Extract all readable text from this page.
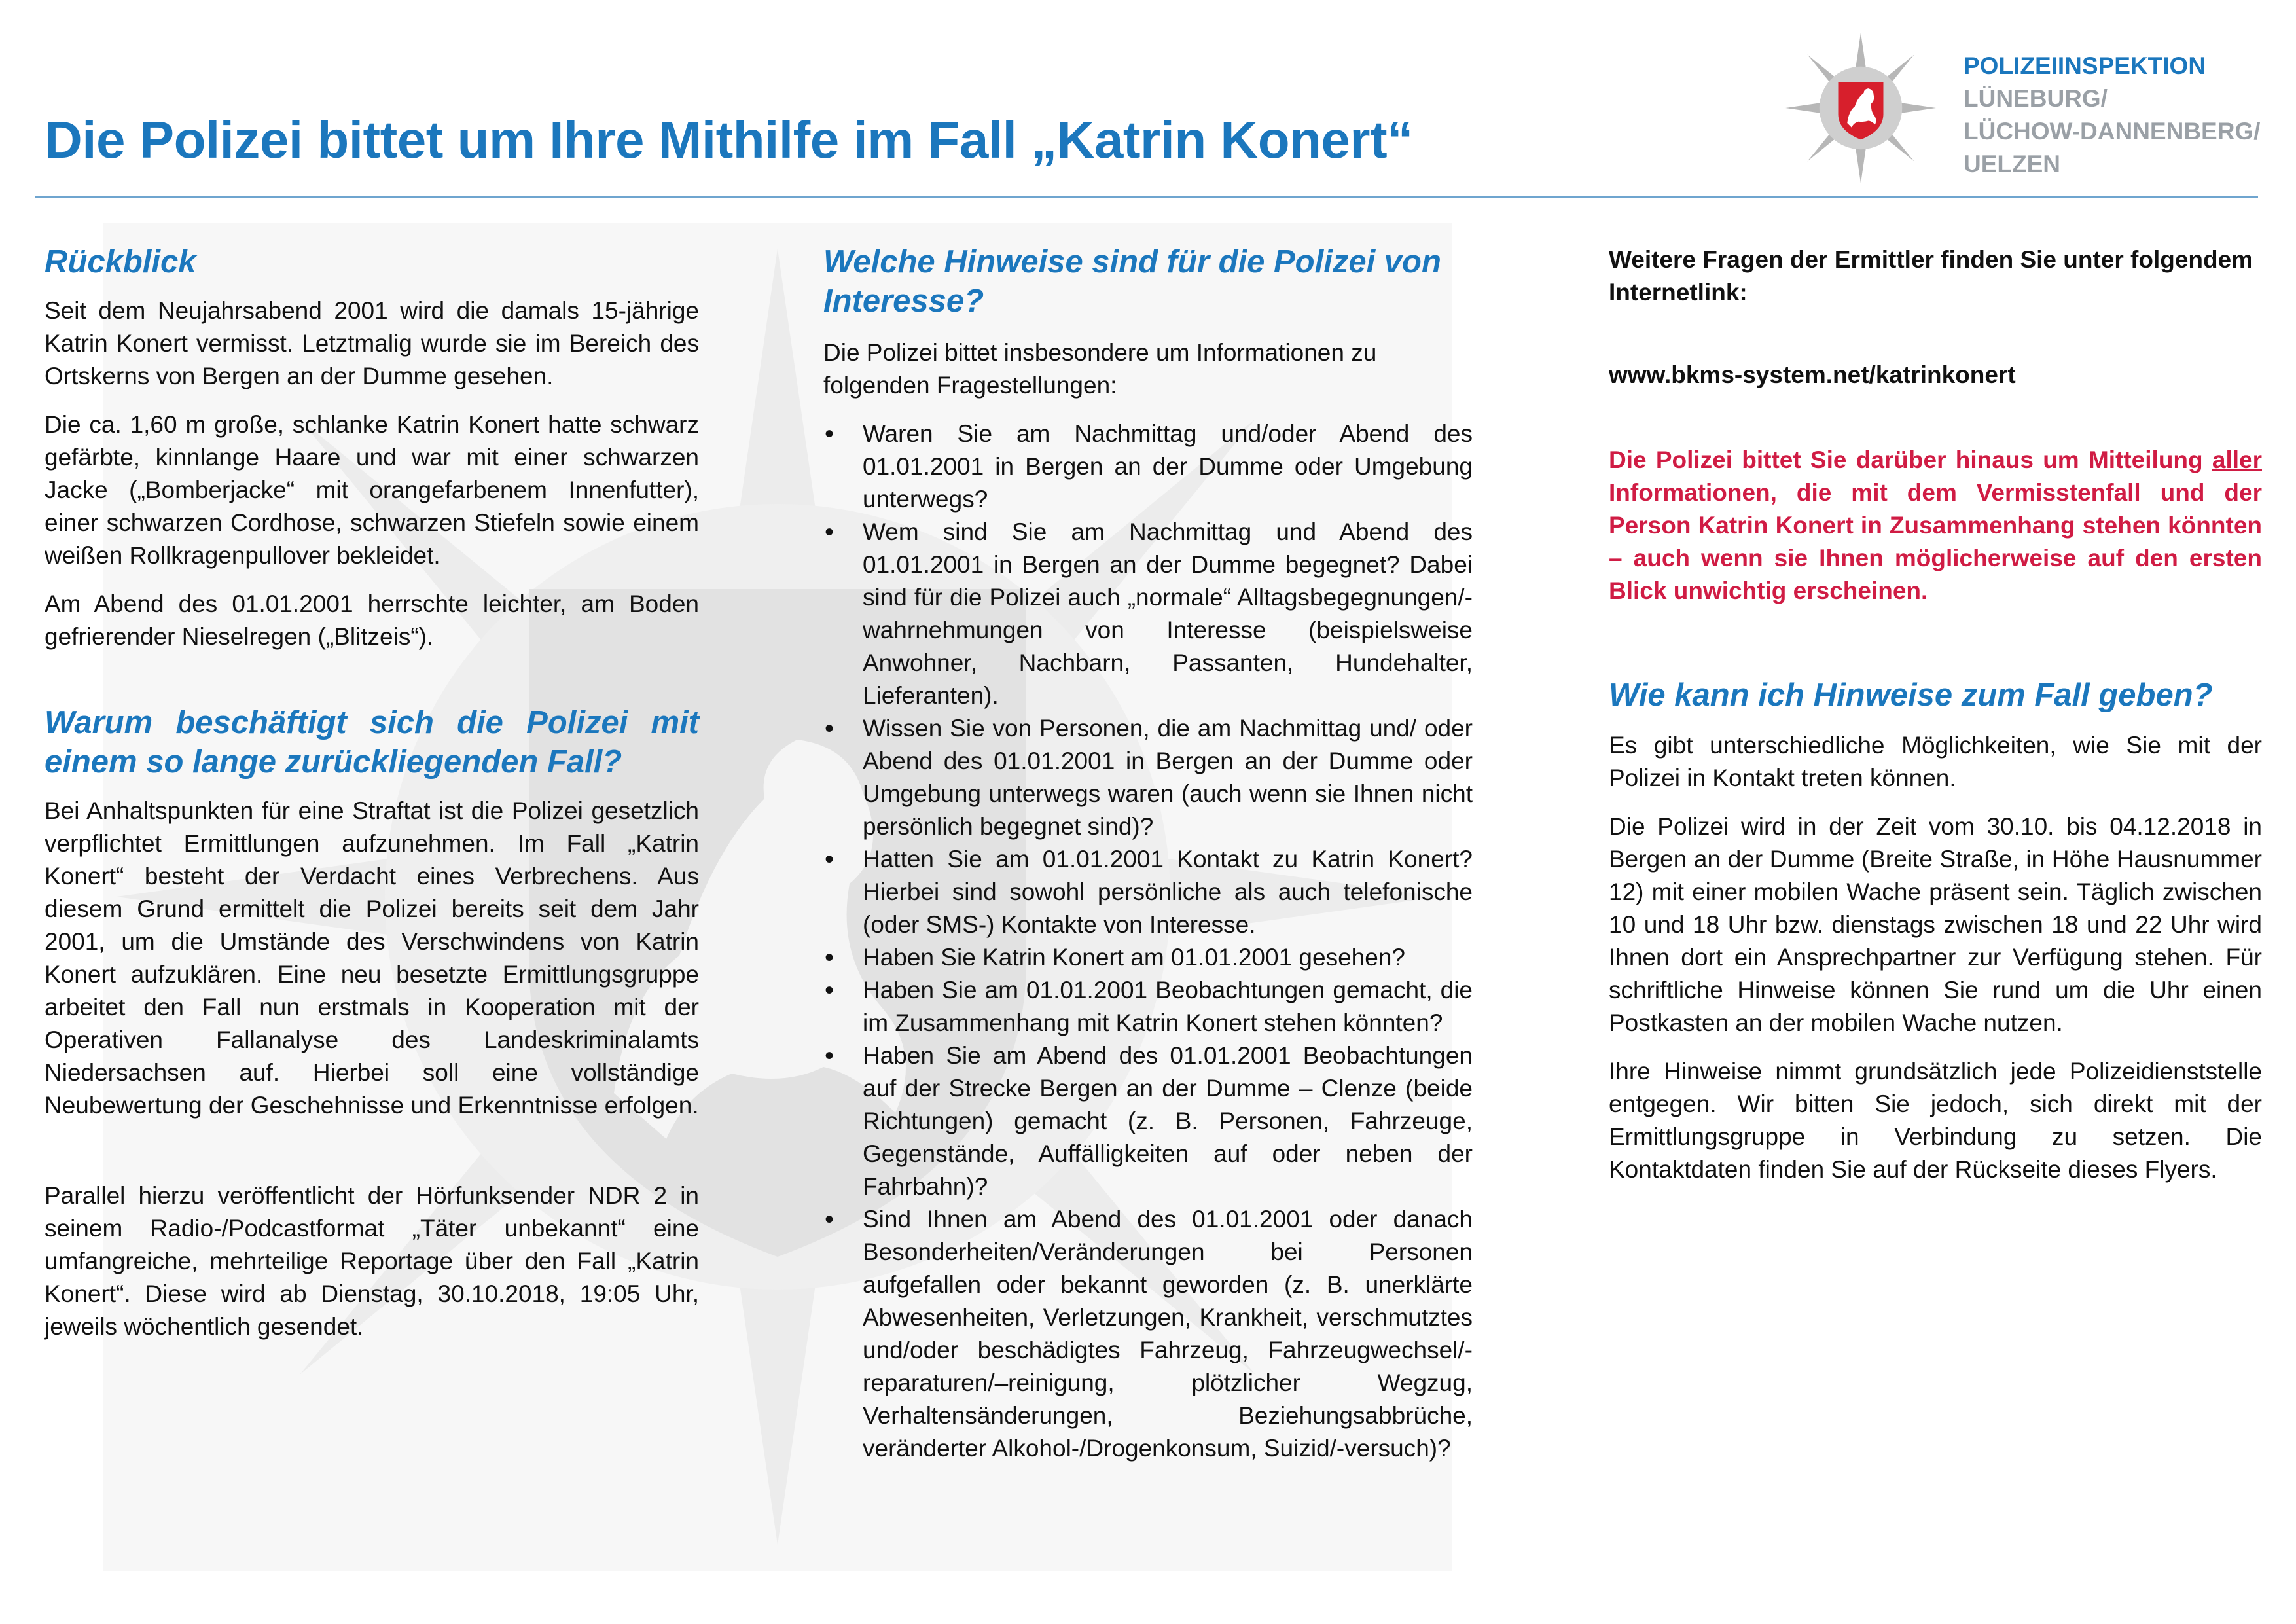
Die Polizei bittet um Ihre Mithilfe im Fall „Katrin Konert“
POLIZEIINSPEKTION
LÜNEBURG/
LÜCHOW-DANNENBERG/
UELZEN
Rückblick

Seit dem Neujahrsabend 2001 wird die damals 15-jährige Katrin Konert vermisst. Letztmalig wurde sie im Bereich des Ortskerns von Bergen an der Dumme gesehen.

Die ca. 1,60 m große, schlanke Katrin Konert hatte schwarz gefärbte, kinnlange Haare und war mit einer schwarzen Jacke („Bomberjacke“ mit orangefarbenem Innenfutter), einer schwarzen Cordhose, schwarzen Stiefeln sowie einem weißen Rollkragenpullover bekleidet.

Am Abend des 01.01.2001 herrschte leichter, am Boden gefrierender Nieselregen („Blitzeis“).

Warum beschäftigt sich die Polizei mit einem so lange zurückliegenden Fall?

Bei Anhaltspunkten für eine Straftat ist die Polizei gesetzlich verpflichtet Ermittlungen aufzunehmen. Im Fall „Katrin Konert“ besteht der Verdacht eines Verbrechens. Aus diesem Grund ermittelt die Polizei bereits seit dem Jahr 2001, um die Umstände des Verschwindens von Katrin Konert aufzuklären. Eine neu besetzte Ermittlungsgruppe arbeitet den Fall nun erstmals in Kooperation mit der Operativen Fallanalyse des Landeskriminalamts Niedersachsen auf. Hierbei soll eine vollständige Neubewertung der Geschehnisse und Erkenntnisse erfolgen.

Parallel hierzu veröffentlicht der Hörfunksender NDR 2 in seinem Radio-/Podcastformat „Täter unbekannt“ eine umfangreiche, mehrteilige Reportage über den Fall „Katrin Konert“. Diese wird ab Dienstag, 30.10.2018, 19:05 Uhr, jeweils wöchentlich gesendet.

Welche Hinweise sind für die Polizei von Interesse?

Die Polizei bittet insbesondere um Informationen zu folgenden Fragestellungen:

• Waren Sie am Nachmittag und/oder Abend des 01.01.2001 in Bergen an der Dumme oder Umgebung unterwegs?
• Wem sind Sie am Nachmittag und Abend des 01.01.2001 in Bergen an der Dumme begegnet? Dabei sind für die Polizei auch „normale“ Alltagsbegegnungen/-wahrnehmungen von Interesse (beispielsweise Anwohner, Nachbarn, Passanten, Hundehalter, Lieferanten).
• Wissen Sie von Personen, die am Nachmittag und/ oder Abend des 01.01.2001 in Bergen an der Dumme oder Umgebung unterwegs waren (auch wenn sie Ihnen nicht persönlich begegnet sind)?
• Hatten Sie am 01.01.2001 Kontakt zu Katrin Konert? Hierbei sind sowohl persönliche als auch telefonische (oder SMS-) Kontakte von Interesse.
• Haben Sie Katrin Konert am 01.01.2001 gesehen?
• Haben Sie am 01.01.2001 Beobachtungen gemacht, die im Zusammenhang mit Katrin Konert stehen könnten?
• Haben Sie am Abend des 01.01.2001 Beobachtungen auf der Strecke Bergen an der Dumme – Clenze (beide Richtungen) gemacht (z. B. Personen, Fahrzeuge, Gegenstände, Auffälligkeiten auf oder neben der Fahrbahn)?
• Sind Ihnen am Abend des 01.01.2001 oder danach Besonderheiten/Veränderungen bei Personen aufgefallen oder bekannt geworden (z. B. unerklärte Abwesenheiten, Verletzungen, Krankheit, verschmutztes und/oder beschädigtes Fahrzeug, Fahrzeugwechsel/-reparaturen/–reinigung, plötzlicher Wegzug, Verhaltensänderungen, Beziehungsabbrüche, veränderter Alkohol-/Drogenkonsum, Suizid/-versuch)?

Weitere Fragen der Ermittler finden Sie unter folgendem Internetlink:

www.bkms-system.net/katrinkonert

Die Polizei bittet Sie darüber hinaus um Mitteilung aller Informationen, die mit dem Vermisstenfall und der Person Katrin Konert in Zusammenhang stehen könnten – auch wenn sie Ihnen möglicherweise auf den ersten Blick unwichtig erscheinen.

Wie kann ich Hinweise zum Fall geben?

Es gibt unterschiedliche Möglichkeiten, wie Sie mit der Polizei in Kontakt treten können.

Die Polizei wird in der Zeit vom 30.10. bis 04.12.2018 in Bergen an der Dumme (Breite Straße, in Höhe Hausnummer 12) mit einer mobilen Wache präsent sein. Täglich zwischen 10 und 18 Uhr bzw. dienstags zwischen 18 und 22 Uhr wird Ihnen dort ein Ansprechpartner zur Verfügung stehen. Für schriftliche Hinweise können Sie rund um die Uhr einen Postkasten an der mobilen Wache nutzen.

Ihre Hinweise nimmt grundsätzlich jede Polizeidienststelle entgegen. Wir bitten Sie jedoch, sich direkt mit der Ermittlungsgruppe in Verbindung zu setzen. Die Kontaktdaten finden Sie auf der Rückseite dieses Flyers.
